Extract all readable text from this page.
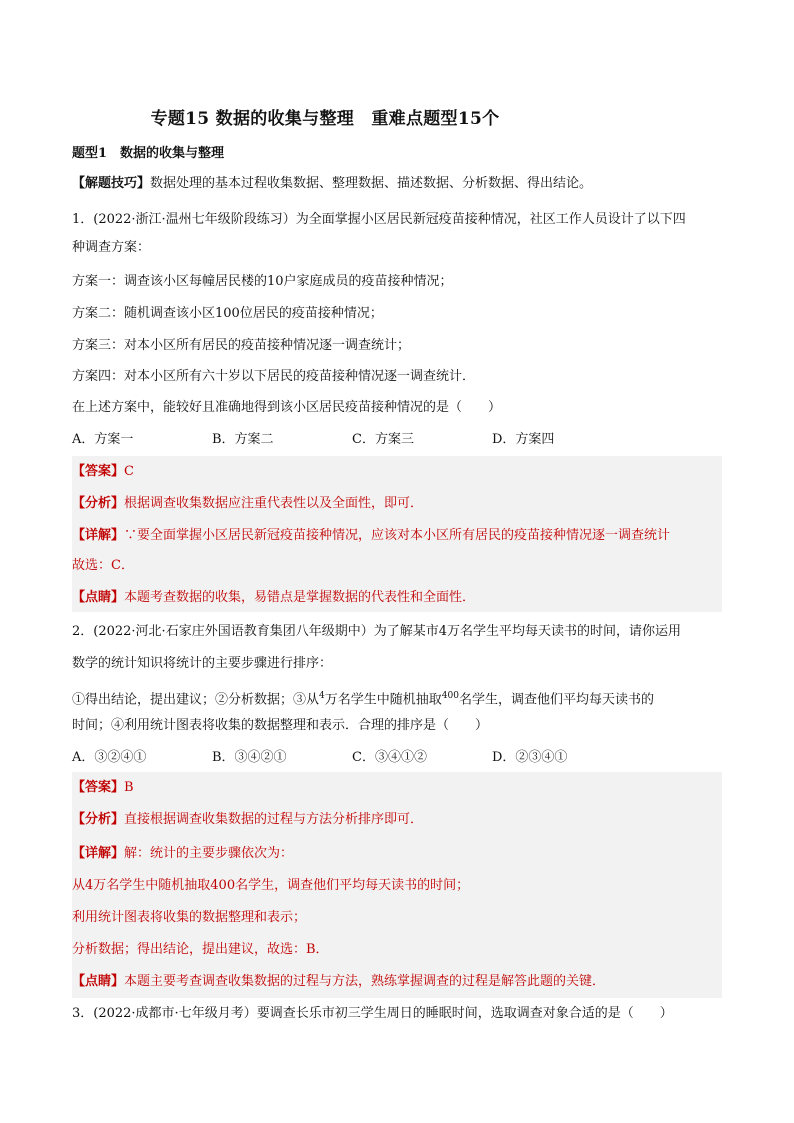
专题15 数据的收集与整理　重难点题型15个
题型1　数据的收集与整理
【解题技巧】数据处理的基本过程收集数据、整理数据、描述数据、分析数据、得出结论。
1．(2022·浙江·温州七年级阶段练习）为全面掌握小区居民新冠疫苗接种情况，社区工作人员设计了以下四
种调查方案：
方案一：调查该小区每幢居民楼的10户家庭成员的疫苗接种情况；
方案二：随机调查该小区100位居民的疫苗接种情况；
方案三：对本小区所有居民的疫苗接种情况逐一调查统计；
方案四：对本小区所有六十岁以下居民的疫苗接种情况逐一调查统计．
在上述方案中，能较好且准确地得到该小区居民疫苗接种情况的是（　　）
A．方案一	B．方案二	C．方案三	D．方案四
【答案】C
【分析】根据调查收集数据应注重代表性以及全面性，即可．
【详解】∵要全面掌握小区居民新冠疫苗接种情况，应该对本小区所有居民的疫苗接种情况逐一调查统计
故选：C．
【点睛】本题考查数据的收集，易错点是掌握数据的代表性和全面性．
2．(2022·河北·石家庄外国语教育集团八年级期中）为了解某市4万名学生平均每天读书的时间，请你运用
数学的统计知识将统计的主要步骤进行排序：
①得出结论，提出建议；②分析数据；③从$^4$万名学生中随机抽取$^{400}$名学生，调查他们平均每天读书的
时间；④利用统计图表将收集的数据整理和表示．合理的排序是（　　）
A．③②④①	B．③④②①	C．③④①②	D．②③④①
【答案】B
【分析】直接根据调查收集数据的过程与方法分析排序即可．
【详解】解：统计的主要步骤依次为：
从4万名学生中随机抽取400名学生，调查他们平均每天读书的时间；
利用统计图表将收集的数据整理和表示；
分析数据；得出结论，提出建议，故选：B．
【点睛】本题主要考查调查收集数据的过程与方法，熟练掌握调查的过程是解答此题的关键．
3．(2022·成都市·七年级月考）要调查长乐市初三学生周日的睡眠时间，选取调查对象合适的是（　　）
